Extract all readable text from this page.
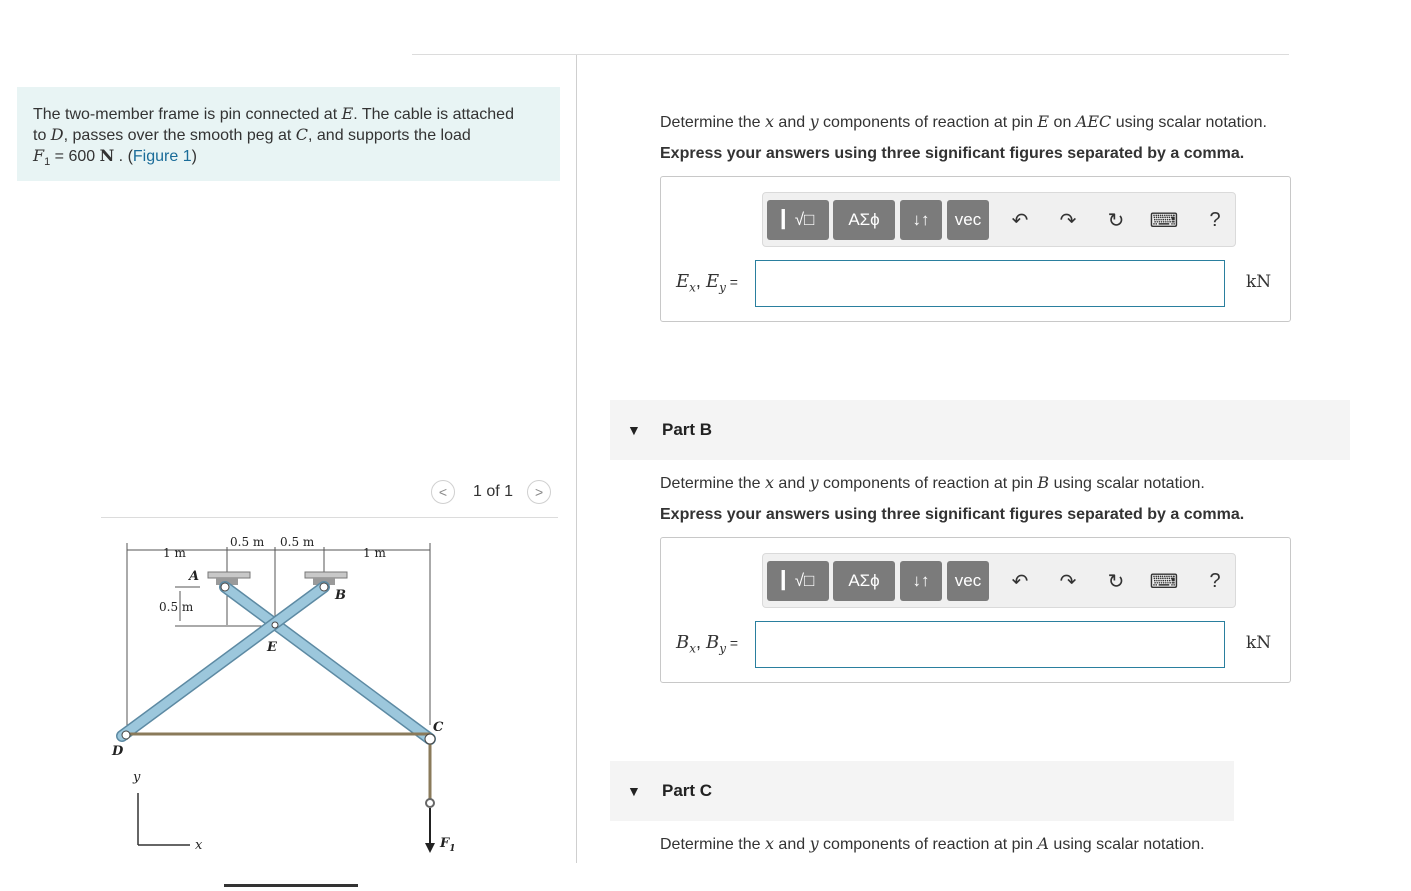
The two-member frame is pin connected at E. The cable is attached
to D, passes over the smooth peg at C, and supports the load
$F_1 = 600$ N . (Figure 1)
< 1 of 1 >
1 m
0.5 m 0.5 m
1 m
0.5 m
A
B
C
D
E
$F_1$
y
x
Determine the x and y components of reaction at pin E on AEC using scalar notation.
Express your answers using three significant figures separated by a comma.
▎√□ ΑΣϕ ↓↑ vec ↶ ↷ ↻ ⌨ ?
$E_x$, $E_y$ =	kN
▼ Part B
Determine the x and y components of reaction at pin B using scalar notation.
Express your answers using three significant figures separated by a comma.
▎√□ ΑΣϕ ↓↑ vec ↶ ↷ ↻ ⌨ ?
$B_x$, $B_y$ =	kN
▼ Part C
Determine the x and y components of reaction at pin A using scalar notation.
